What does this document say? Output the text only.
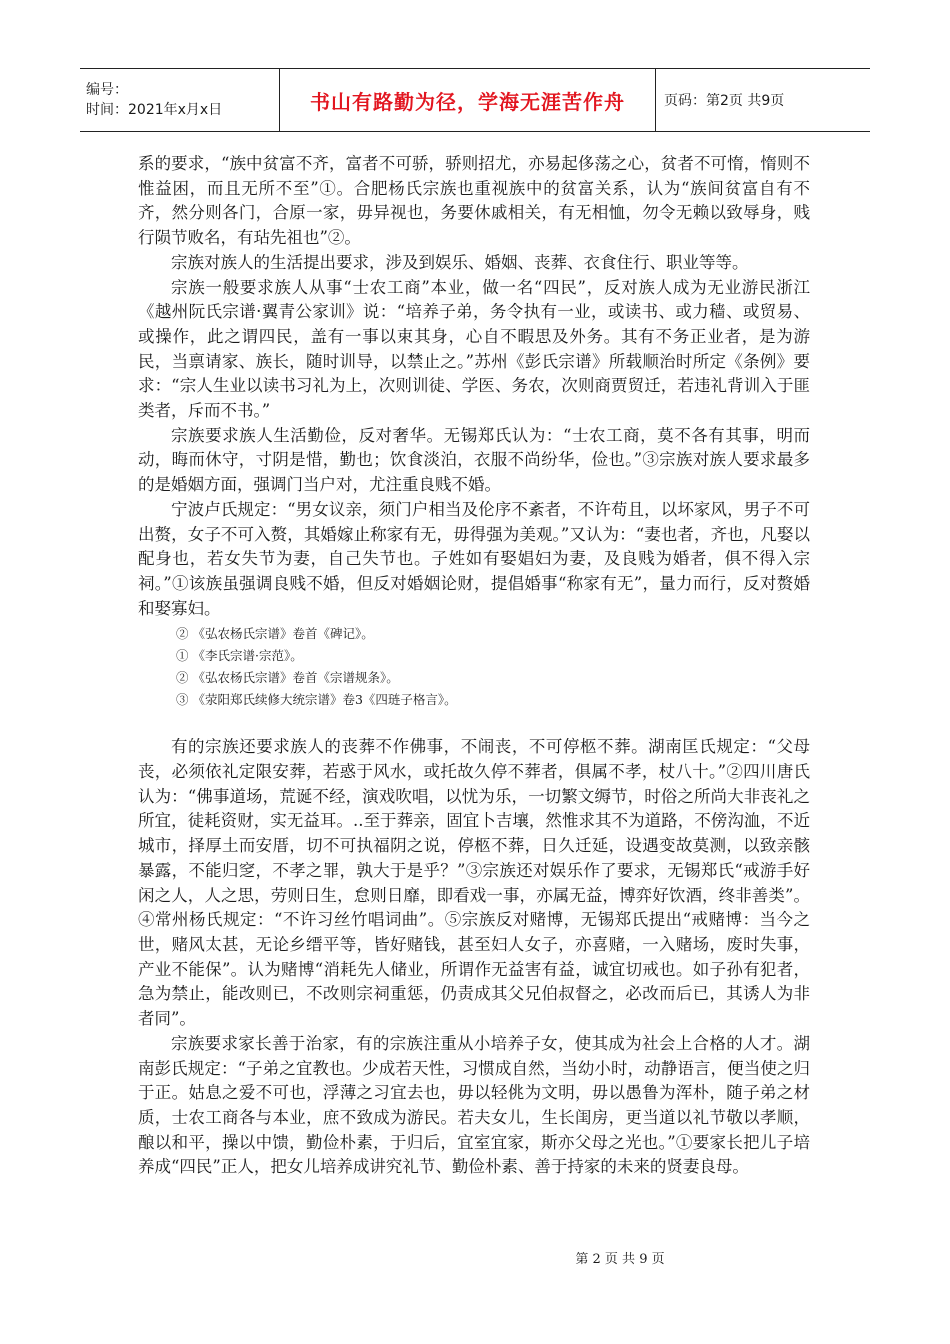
编号：
时间：2021年x月x日	书山有路勤为径，学海无涯苦作舟	页码：第2页 共9页

系的要求，“族中贫富不齐，富者不可骄，骄则招尤，亦易起侈荡之心，贫者不可惰，惰则不惟益困，而且无所不至”①。合肥杨氏宗族也重视族中的贫富关系，认为“族间贫富自有不齐，然分则各门，合原一家，毋异视也，务要休戚相关，有无相恤，勿令无赖以致辱身，贱行陨节败名，有玷先祖也”②。

宗族对族人的生活提出要求，涉及到娱乐、婚姻、丧葬、衣食住行、职业等等。

宗族一般要求族人从事“士农工商”本业，做一名“四民”，反对族人成为无业游民浙江《越州阮氏宗谱·翼青公家训》说：“培养子弟，务令执有一业，或读书、或力穑、或贸易、或操作，此之谓四民，盖有一事以束其身，心自不暇思及外务。其有不务正业者，是为游民，当禀请家、族长，随时训导，以禁止之。”苏州《彭氏宗谱》所载顺治时所定《条例》要求：“宗人生业以读书习礼为上，次则训徒、学医、务农，次则商贾贸迁，若违礼背训入于匪类者，斥而不书。”

宗族要求族人生活勤俭，反对奢华。无锡郑氏认为：“士农工商，莫不各有其事，明而动，晦而休守，寸阴是惜，勤也；饮食淡泊，衣服不尚纷华，俭也。”③宗族对族人要求最多的是婚姻方面，强调门当户对，尤注重良贱不婚。

宁波卢氏规定：“男女议亲，须门户相当及伦序不紊者，不许苟且，以坏家风，男子不可出赘，女子不可入赘，其婚嫁止称家有无，毋得强为美观。”又认为：“妻也者，齐也，凡娶以配身也，若女失节为妻，自己失节也。子姓如有娶娼妇为妻，及良贱为婚者，俱不得入宗祠。”①该族虽强调良贱不婚，但反对婚姻论财，提倡婚事“称家有无”，量力而行，反对赘婚和娶寡妇。

② 《弘农杨氏宗谱》卷首《碑记》。

① 《李氏宗谱·宗范》。

② 《弘农杨氏宗谱》卷首《宗谱规条》。

③ 《荥阳郑氏续修大统宗谱》卷3《四琏子格言》。

有的宗族还要求族人的丧葬不作佛事，不闹丧，不可停柩不葬。湖南匡氏规定：“父母丧，必须依礼定限安葬，若惑于风水，或托故久停不葬者，俱属不孝，杖八十。”②四川唐氏认为：“佛事道场，荒诞不经，演戏吹唱，以忧为乐，一切繁文缛节，时俗之所尚大非丧礼之所宜，徒耗资财，实无益耳。..至于葬亲，固宜卜吉壤，然惟求其不为道路，不傍沟洫，不近城市，择厚土而安厝，切不可执福阴之说，停柩不葬，日久迁延，设遇变故莫测，以致亲骸暴露，不能归窆，不孝之罪，孰大于是乎？”③宗族还对娱乐作了要求，无锡郑氏“戒游手好闲之人，人之思，劳则日生，怠则日靡，即看戏一事，亦属无益，博弈好饮酒，终非善类”。④常州杨氏规定：“不许习丝竹唱词曲”。⑤宗族反对赌博，无锡郑氏提出“戒赌博：当今之世，赌风太甚，无论乡缙平等，皆好赌钱，甚至妇人女子，亦喜赌，一入赌场，废时失事，产业不能保”。认为赌博“消耗先人储业，所谓作无益害有益，诚宜切戒也。如子孙有犯者，急为禁止，能改则已，不改则宗祠重惩，仍责成其父兄伯叔督之，必改而后已，其诱人为非者同”。

宗族要求家长善于治家，有的宗族注重从小培养子女，使其成为社会上合格的人才。湖南彭氏规定：“子弟之宜教也。少成若天性，习惯成自然，当幼小时，动静语言，便当使之归于正。姑息之爱不可也，浮薄之习宜去也，毋以轻佻为文明，毋以愚鲁为浑朴，随子弟之材质，士农工商各与本业，庶不致成为游民。若夫女儿，生长闺房，更当道以礼节敬以孝顺，酿以和平，操以中馈，勤俭朴素，于归后，宜室宜家，斯亦父母之光也。”①要家长把儿子培养成“四民”正人，把女儿培养成讲究礼节、勤俭朴素、善于持家的未来的贤妻良母。

第 2 页 共 9 页
